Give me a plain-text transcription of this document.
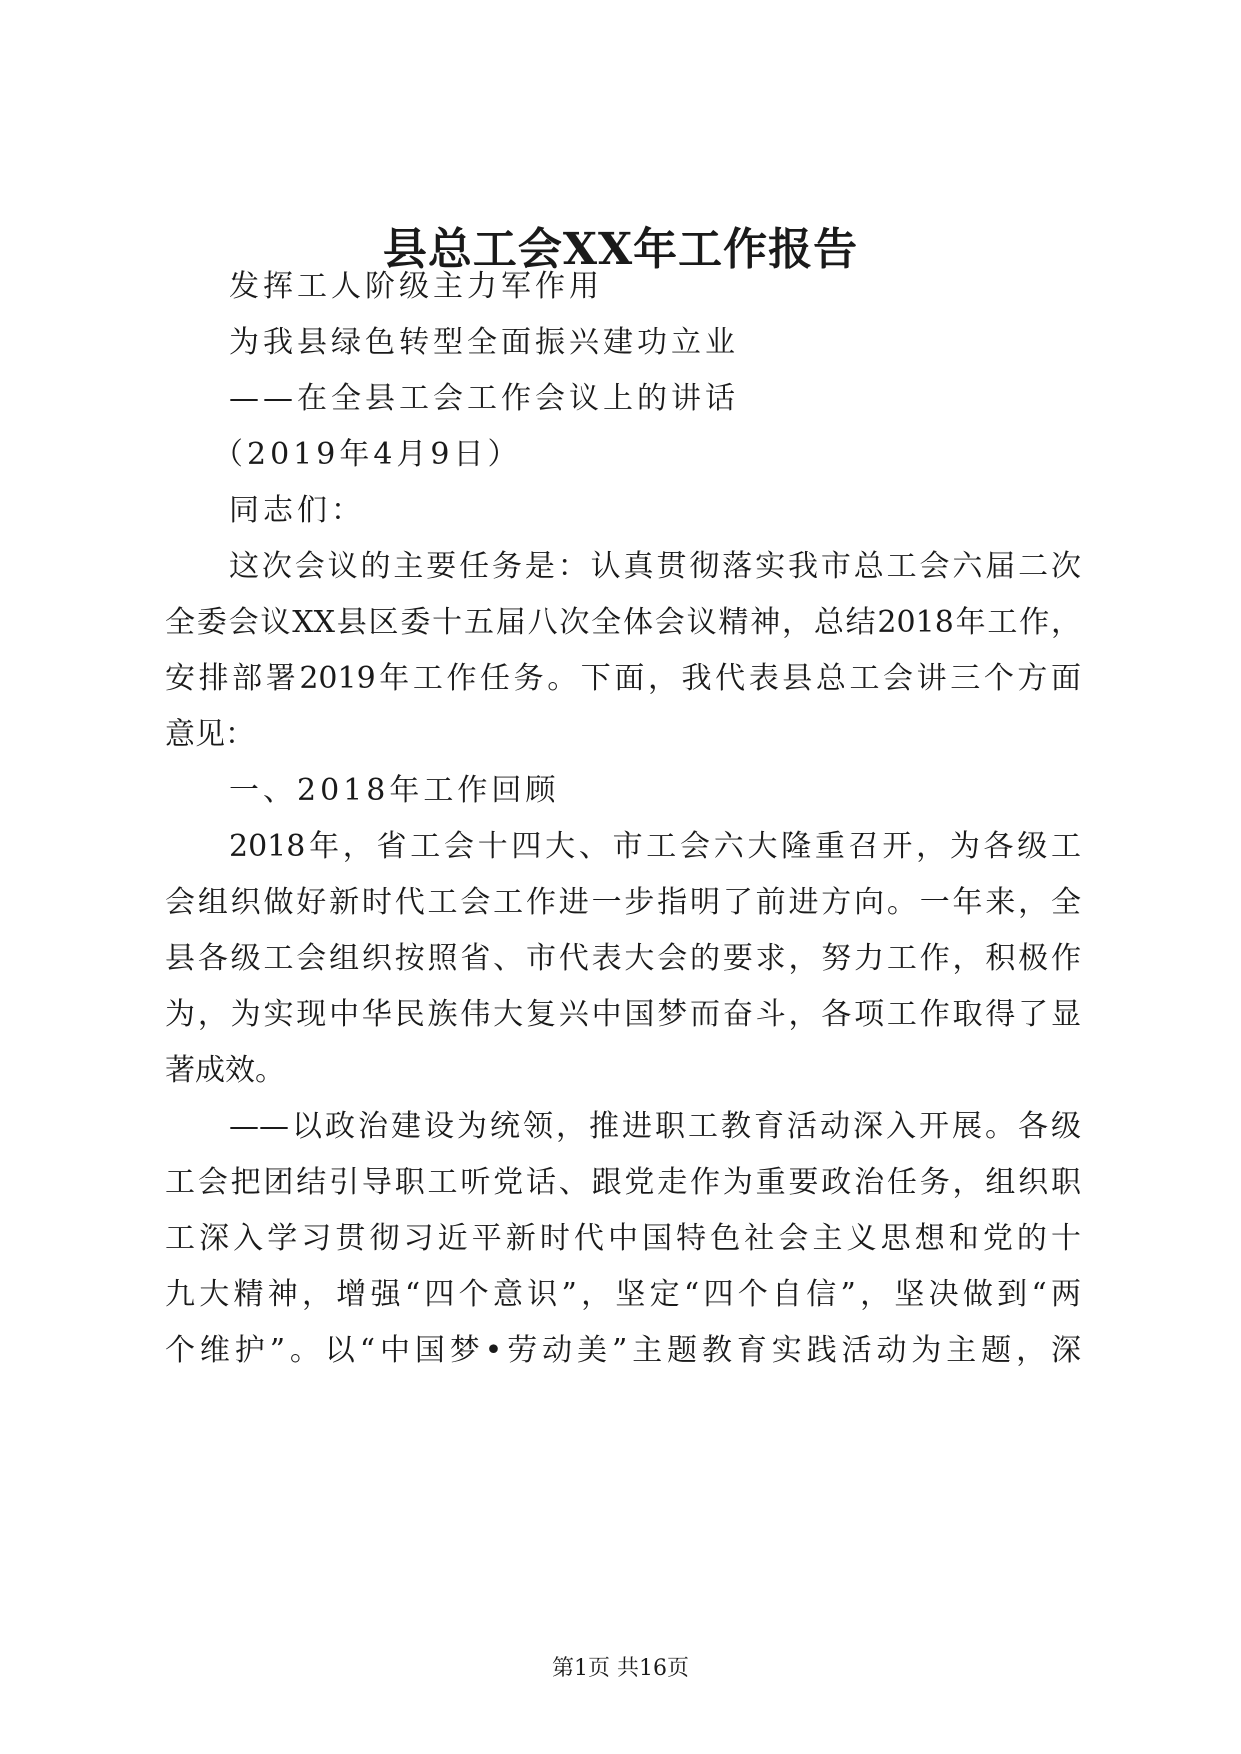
县总工会XX年工作报告
发挥工人阶级主力军作用
为我县绿色转型全面振兴建功立业
——在全县工会工作会议上的讲话
（2019年4月9日）
同志们：
这次会议的主要任务是：认真贯彻落实我市总工会六届二次
全委会议XX县区委十五届八次全体会议精神，总结2018年工作，
安排部署2019年工作任务。下面，我代表县总工会讲三个方面
意见：
一、2018年工作回顾
2018年，省工会十四大、市工会六大隆重召开，为各级工
会组织做好新时代工会工作进一步指明了前进方向。一年来，全
县各级工会组织按照省、市代表大会的要求，努力工作，积极作
为，为实现中华民族伟大复兴中国梦而奋斗，各项工作取得了显
著成效。
——以政治建设为统领，推进职工教育活动深入开展。各级
工会把团结引导职工听党话、跟党走作为重要政治任务，组织职
工深入学习贯彻习近平新时代中国特色社会主义思想和党的十
九大精神，增强“四个意识”，坚定“四个自信”，坚决做到“两
个维护”。以“中国梦•劳动美”主题教育实践活动为主题，深
第1页 共16页
